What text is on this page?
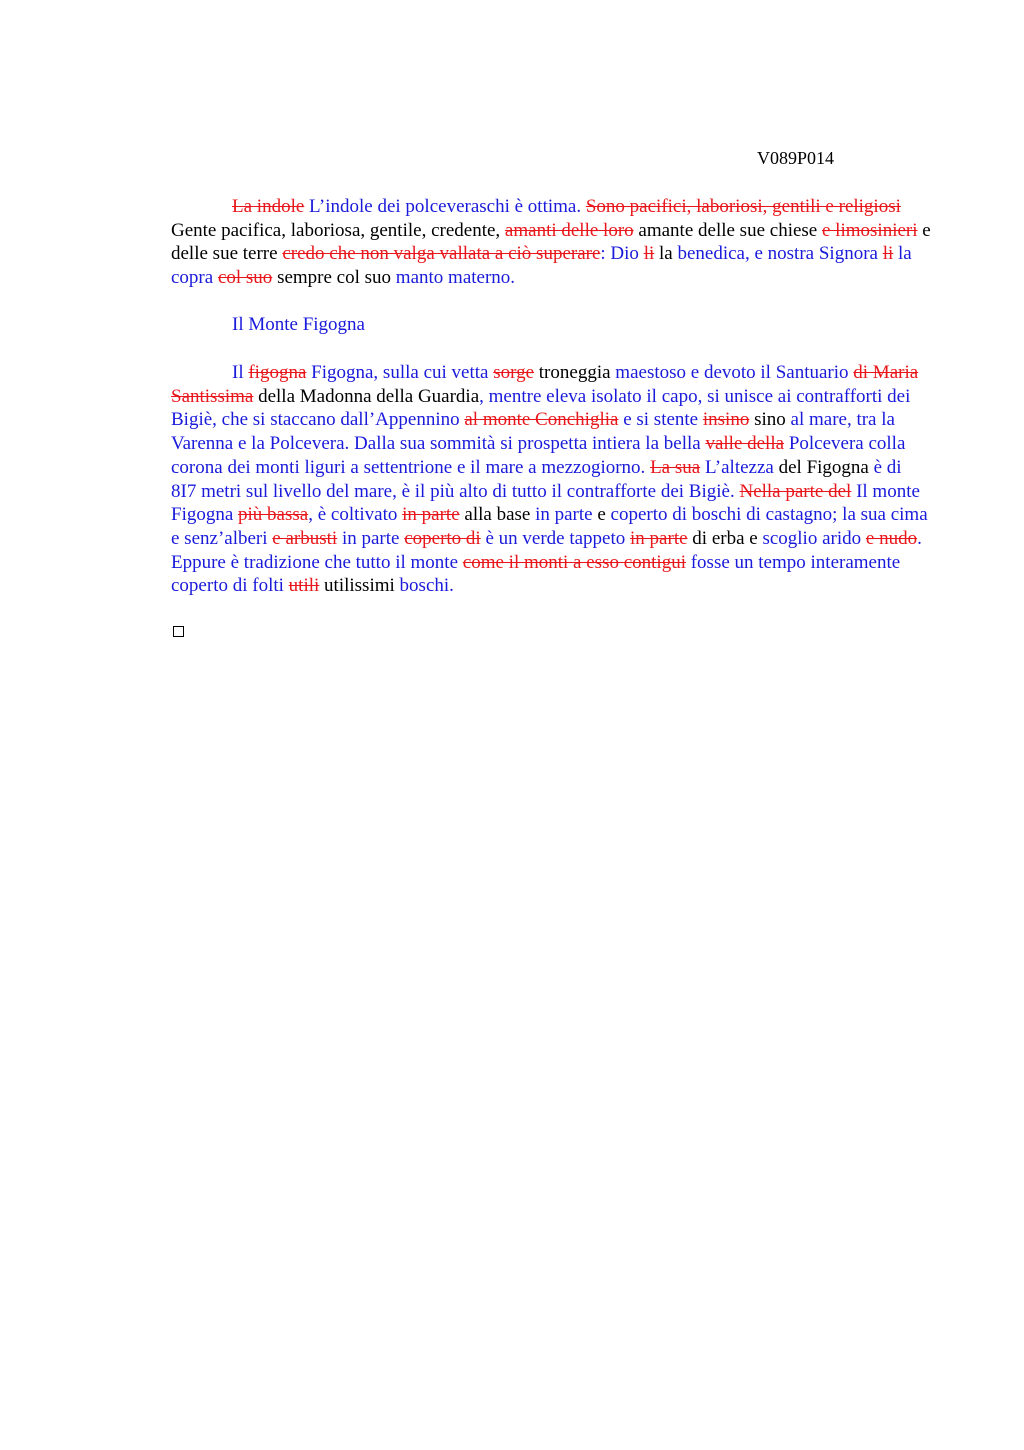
V089P014
La indole L’indole dei polceveraschi è ottima. Sono pacifici, laboriosi, gentili e religiosi Gente pacifica, laboriosa, gentile, credente, amanti delle loro amante delle sue chiese e limosinieri e delle sue terre credo che non valga vallata a ciò superare: Dio li la benedica, e nostra Signora li la copra col suo sempre col suo manto materno.
Il Monte Figogna
Il figogna Figogna, sulla cui vetta sorge troneggia maestoso e devoto il Santuario di Maria Santissima della Madonna della Guardia, mentre eleva isolato il capo, si unisce ai contrafforti dei Bigiè, che si staccano dall’Appennino al monte Conchiglia e si stente insino sino al mare, tra la Varenna e la Polcevera. Dalla sua sommità si prospetta intiera la bella valle della Polcevera colla corona dei monti liguri a settentrione e il mare a mezzogiorno. La sua L’altezza del Figogna è di 8I7 metri sul livello del mare, è il più alto di tutto il contrafforte dei Bigiè. Nella parte del Il monte Figogna più bassa, è coltivato in parte alla base in parte e coperto di boschi di castagno; la sua cima e senz’alberi e arbusti in parte coperto di è un verde tappeto in parte di erba e scoglio arido e nudo. Eppure è tradizione che tutto il monte come il monti a esso contigui fosse un tempo interamente coperto di folti utili utilissimi boschi.
